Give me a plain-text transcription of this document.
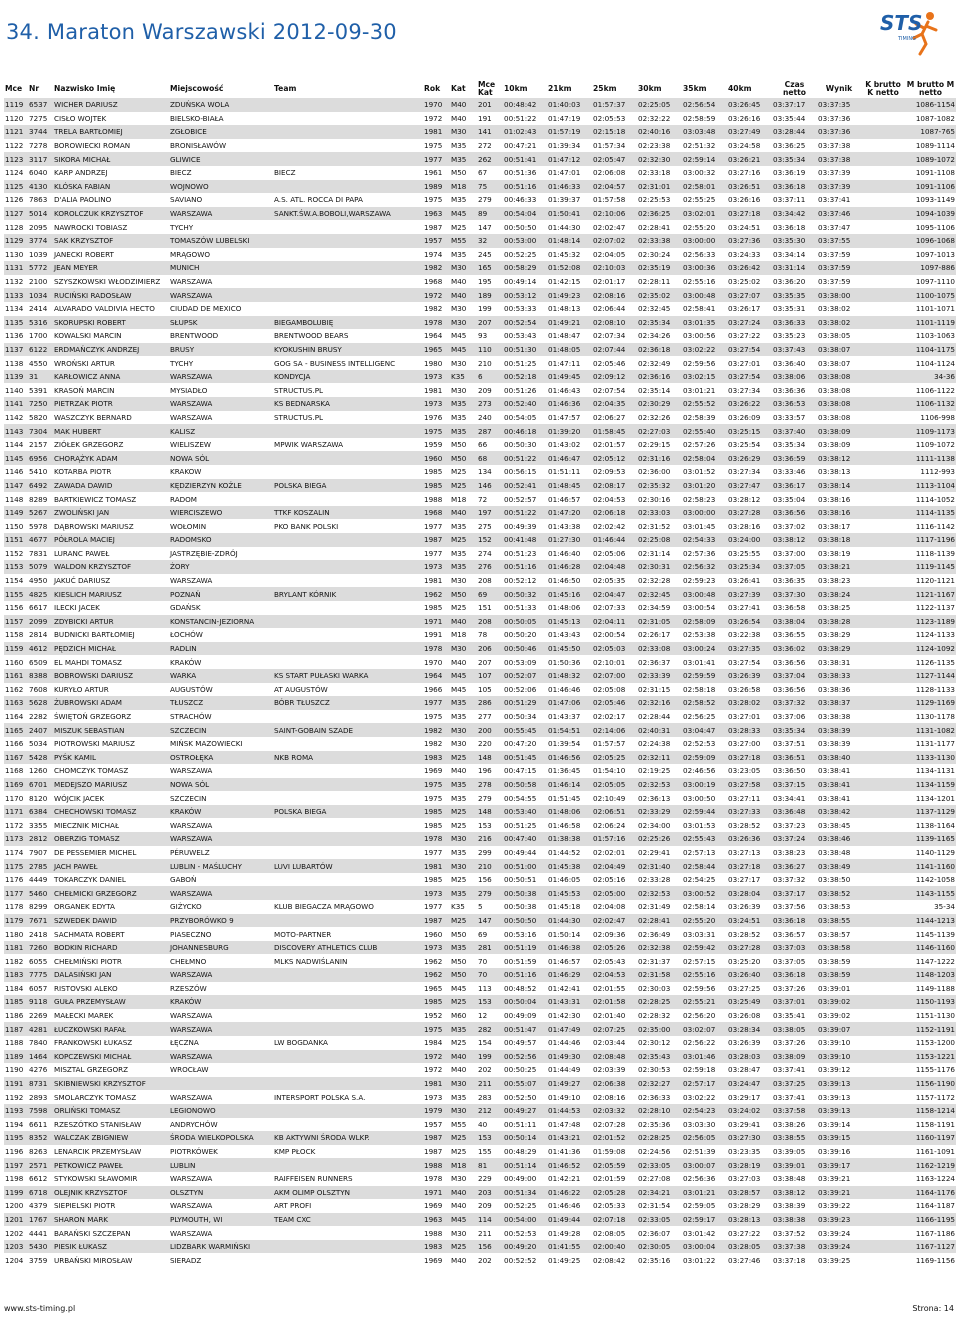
34. Maraton Warszawski 2012-09-30	STS
TIMING
Mce	Nr	Nazwisko Imię	Miejscowość	Team	Rok	Kat	Mce Kat	10km	21km	25km	30km	35km	40km	Czas netto	Wynik	K brutto K netto	M brutto M netto
1119	6537	WICHER DARIUSZ	ZDUŃSKA WOLA		1970	M40	201	00:48:42	01:40:03	01:57:37	02:25:05	02:56:54	03:26:45	03:37:17	03:37:35		1086-1154
1120	7275	CISŁO WOJTEK	BIELSKO-BIAŁA		1972	M40	191	00:51:22	01:47:19	02:05:53	02:32:22	02:58:59	03:26:16	03:35:44	03:37:36		1087-1082
1121	3744	TRELA BARTŁOMIEJ	ZGŁOBICE		1981	M30	141	01:02:43	01:57:19	02:15:18	02:40:16	03:03:48	03:27:49	03:28:44	03:37:36		1087-765
1122	7278	BOROWIECKI ROMAN	BRONISŁAWÓW		1975	M35	272	00:47:21	01:39:34	01:57:34	02:23:38	02:51:32	03:24:58	03:36:25	03:37:38		1089-1114
1123	3117	SIKORA MICHAŁ	GLIWICE		1977	M35	262	00:51:41	01:47:12	02:05:47	02:32:30	02:59:14	03:26:21	03:35:34	03:37:38		1089-1072
1124	6040	KARP ANDRZEJ	BIECZ	BIECZ	1961	M50	67	00:51:36	01:47:01	02:06:08	02:33:18	03:00:32	03:27:16	03:36:19	03:37:39		1091-1108
1125	4130	KLÓSKA FABIAN	WOJNOWO		1989	M18	75	00:51:16	01:46:33	02:04:57	02:31:01	02:58:01	03:26:51	03:36:18	03:37:39		1091-1106
1126	7863	D'ALIA PAOLINO	SAVIANO	A.S. ATL. ROCCA DI PAPA	1975	M35	279	00:46:33	01:39:37	01:57:58	02:25:53	02:55:25	03:26:16	03:37:11	03:37:41		1093-1149
1127	5014	KOROLCZUK KRZYSZTOF	WARSZAWA	SANKT.ŚW.A.BOBOLI,WARSZAWA	1963	M45	89	00:54:04	01:50:41	02:10:06	02:36:25	03:02:01	03:27:18	03:34:42	03:37:46		1094-1039
1128	2095	NAWROCKI TOBIASZ	TYCHY		1987	M25	147	00:50:50	01:44:30	02:02:47	02:28:41	02:55:20	03:24:51	03:36:18	03:37:47		1095-1106
1129	3774	SAK KRZYSZTOF	TOMASZÓW LUBELSKI		1957	M55	32	00:53:00	01:48:14	02:07:02	02:33:38	03:00:00	03:27:36	03:35:30	03:37:55		1096-1068
1130	1039	JANECKI ROBERT	MRĄGOWO		1974	M35	245	00:52:25	01:45:32	02:04:05	02:30:24	02:56:33	03:24:33	03:34:14	03:37:59		1097-1013
1131	5772	JEAN MEYER	MUNICH		1982	M30	165	00:58:29	01:52:08	02:10:03	02:35:19	03:00:36	03:26:42	03:31:14	03:37:59		1097-886
1132	2100	SZYSZKOWSKI WŁODZIMIERZ	WARSZAWA		1968	M40	195	00:49:14	01:42:15	02:01:17	02:28:11	02:55:16	03:25:02	03:36:20	03:37:59		1097-1110
1133	1034	RUCIŃSKI RADOSŁAW	WARSZAWA		1972	M40	189	00:53:12	01:49:23	02:08:16	02:35:02	03:00:48	03:27:07	03:35:35	03:38:00		1100-1075
1134	2414	ALVARADO VALDIVIA HECTO	CIUDAD DE MEXICO		1982	M30	199	00:53:33	01:48:13	02:06:44	02:32:45	02:58:41	03:26:17	03:35:31	03:38:02		1101-1071
1135	5316	SKORUPSKI ROBERT	SŁUPSK	BIEGAMBOLUBIĘ	1978	M30	207	00:52:54	01:49:21	02:08:10	02:35:34	03:01:35	03:27:24	03:36:33	03:38:02		1101-1119
1136	1700	KOWALSKI MARCIN	BRENTWOOD	BRENTWOOD BEARS	1964	M45	93	00:53:43	01:48:47	02:07:34	02:34:26	03:00:56	03:27:22	03:35:23	03:38:05		1103-1063
1137	6122	ERDMAŃCZYK ANDRZEJ	BRUSY	KYOKUSHIN BRUSY	1965	M45	110	00:51:30	01:48:05	02:07:44	02:36:18	03:02:22	03:27:54	03:37:43	03:38:07		1104-1175
1138	4550	WROŃSKI ARTUR	TYCHY	GOG SA - BUSINESS INTELLIGENC	1980	M30	210	00:51:25	01:47:11	02:05:46	02:32:49	02:59:56	03:27:01	03:36:40	03:38:07		1104-1124
1139	31	KARŁOWICZ ANNA	WARSZAWA	KONDYCJA	1973	K35	6	00:52:18	01:49:45	02:09:12	02:36:16	03:02:15	03:27:54	03:38:06	03:38:08		34-36
1140	5391	KRASOŃ MARCIN	MYSIADŁO	STRUCTUS.PL	1981	M30	209	00:51:26	01:46:43	02:07:54	02:35:14	03:01:21	03:27:34	03:36:36	03:38:08		1106-1122
1141	7250	PIETRZAK PIOTR	WARSZAWA	KS BEDNARSKA	1973	M35	273	00:52:40	01:46:36	02:04:35	02:30:29	02:55:52	03:26:22	03:36:53	03:38:08		1106-1132
1142	5820	WASZCZYK BERNARD	WARSZAWA	STRUCTUS.PL	1976	M35	240	00:54:05	01:47:57	02:06:27	02:32:26	02:58:39	03:26:09	03:33:57	03:38:08		1106-998
1143	7304	MAK HUBERT	KALISZ		1975	M35	287	00:46:18	01:39:20	01:58:45	02:27:03	02:55:40	03:25:15	03:37:40	03:38:09		1109-1173
1144	2157	ZIÓŁEK GRZEGORZ	WIELISZEW	MPWIK WARSZAWA	1959	M50	66	00:50:30	01:43:02	02:01:57	02:29:15	02:57:26	03:25:54	03:35:34	03:38:09		1109-1072
1145	6956	CHORĄŻYK ADAM	NOWA SÓL		1960	M50	68	00:51:22	01:46:47	02:05:12	02:31:16	02:58:04	03:26:29	03:36:59	03:38:12		1111-1138
1146	5410	KOTARBA PIOTR	KRAKOW		1985	M25	134	00:56:15	01:51:11	02:09:53	02:36:00	03:01:52	03:27:34	03:33:46	03:38:13		1112-993
1147	6492	ZAWADA DAWID	KĘDZIERZYN KOŹLE	POLSKA BIEGA	1985	M25	146	00:52:41	01:48:45	02:08:17	02:35:32	03:01:20	03:27:47	03:36:17	03:38:14		1113-1104
1148	8289	BARTKIEWICZ TOMASZ	RADOM		1988	M18	72	00:52:57	01:46:57	02:04:53	02:30:16	02:58:23	03:28:12	03:35:04	03:38:16		1114-1052
1149	5267	ZWOLIŃSKI JAN	WIERCISZEWO	TTKF KOSZALIN	1968	M40	197	00:51:22	01:47:20	02:06:18	02:33:03	03:00:00	03:27:28	03:36:56	03:38:16		1114-1135
1150	5978	DĄBROWSKI MARIUSZ	WOŁOMIN	PKO BANK POLSKI	1977	M35	275	00:49:39	01:43:38	02:02:42	02:31:52	03:01:45	03:28:16	03:37:02	03:38:17		1116-1142
1151	4677	PÓŁROLA MACIEJ	RADOMSKO		1987	M25	152	00:41:48	01:27:30	01:46:44	02:25:08	02:54:33	03:24:00	03:38:12	03:38:18		1117-1196
1152	7831	LURANC PAWEŁ	JASTRZĘBIE-ZDRÓJ		1977	M35	274	00:51:23	01:46:40	02:05:06	02:31:14	02:57:36	03:25:55	03:37:00	03:38:19		1118-1139
1153	5079	WALDON KRZYSZTOF	ŻORY		1973	M35	276	00:51:16	01:46:28	02:04:48	02:30:31	02:56:32	03:25:34	03:37:05	03:38:21		1119-1145
1154	4950	JAKUĆ DARIUSZ	WARSZAWA		1981	M30	208	00:52:12	01:46:50	02:05:35	02:32:28	02:59:23	03:26:41	03:36:35	03:38:23		1120-1121
1155	4825	KIESLICH MARIUSZ	POZNAŃ	BRYLANT KÓRNIK	1962	M50	69	00:50:32	01:45:16	02:04:47	02:32:45	03:00:48	03:27:39	03:37:30	03:38:24		1121-1167
1156	6617	ILECKI JACEK	GDAŃSK		1985	M25	151	00:51:33	01:48:06	02:07:33	02:34:59	03:00:54	03:27:41	03:36:58	03:38:25		1122-1137
1157	2099	ZDYBICKI ARTUR	KONSTANCIN-JEZIORNA		1971	M40	208	00:50:05	01:45:13	02:04:11	02:31:05	02:58:09	03:26:54	03:38:04	03:38:28		1123-1189
1158	2814	BUDNICKI BARTŁOMIEJ	ŁOCHÓW		1991	M18	78	00:50:20	01:43:43	02:00:54	02:26:17	02:53:38	03:22:38	03:36:55	03:38:29		1124-1133
1159	4612	PĘDZICH MICHAŁ	RADLIN		1978	M30	206	00:50:46	01:45:50	02:05:03	02:33:08	03:00:24	03:27:35	03:36:02	03:38:29		1124-1092
1160	6509	EL MAHDI TOMASZ	KRAKÓW		1970	M40	207	00:53:09	01:50:36	02:10:01	02:36:37	03:01:41	03:27:54	03:36:56	03:38:31		1126-1135
1161	8388	BOBROWSKI DARIUSZ	WARKA	KS START PUŁASKI WARKA	1964	M45	107	00:52:07	01:48:32	02:07:00	02:33:39	02:59:59	03:26:39	03:37:04	03:38:33		1127-1144
1162	7608	KURYŁO ARTUR	AUGUSTÓW	AT AUGUSTÓW	1966	M45	105	00:52:06	01:46:46	02:05:08	02:31:15	02:58:18	03:26:58	03:36:56	03:38:36		1128-1133
1163	5628	ŻUBROWSKI ADAM	TŁUSZCZ	BÓBR TŁUSZCZ	1977	M35	286	00:51:29	01:47:06	02:05:46	02:32:16	02:58:52	03:28:02	03:37:32	03:38:37		1129-1169
1164	2282	ŚWIĘTOŃ GRZEGORZ	STRACHÓW		1975	M35	277	00:50:34	01:43:37	02:02:17	02:28:44	02:56:25	03:27:01	03:37:06	03:38:38		1130-1178
1165	2407	MISZUK SEBASTIAN	SZCZECIN	SAINT-GOBAIN SZADE	1982	M30	200	00:55:45	01:54:51	02:14:06	02:40:31	03:04:47	03:28:33	03:35:34	03:38:39		1131-1082
1166	5034	PIOTROWSKI MARIUSZ	MIŃSK MAZOWIECKI		1982	M30	220	00:47:20	01:39:54	01:57:57	02:24:38	02:52:53	03:27:00	03:37:51	03:38:39		1131-1177
1167	5428	PYŚK KAMIL	OSTROŁĘKA	NKB ROMA	1983	M25	148	00:51:45	01:46:56	02:05:25	02:32:11	02:59:09	03:27:18	03:36:51	03:38:40		1133-1130
1168	1260	CHOMCZYK TOMASZ	WARSZAWA		1969	M40	196	00:47:15	01:36:45	01:54:10	02:19:25	02:46:56	03:23:05	03:36:50	03:38:41		1134-1131
1169	6701	MEDEJSZO MARIUSZ	NOWA SÓL		1975	M35	278	00:50:58	01:46:14	02:05:05	02:32:53	03:00:19	03:27:58	03:37:15	03:38:41		1134-1159
1170	8120	WÓJCIK JACEK	SZCZECIN		1975	M35	279	00:54:55	01:51:45	02:10:49	02:36:13	03:00:50	03:27:11	03:34:41	03:38:41		1134-1201
1171	6384	CHECHOWSKI TOMASZ	KRAKÓW	POLSKA BIEGA	1985	M25	148	00:53:40	01:48:06	02:06:51	02:33:29	02:59:44	03:27:33	03:36:48	03:38:42		1137-1129
1172	3355	MIECZNIK MICHAŁ	WARSZAWA		1985	M25	153	00:51:25	01:46:58	02:06:24	02:34:00	03:01:53	03:28:52	03:37:23	03:38:45		1138-1164
1173	2812	OBERZIG TOMASZ	WARSZAWA		1978	M30	216	00:47:40	01:38:38	01:57:16	02:25:26	02:55:43	03:26:36	03:37:24	03:38:46		1139-1165
1174	7907	DE PESSEMIER MICHEL	PÉRUWELZ		1977	M35	299	00:49:44	01:44:52	02:02:01	02:29:41	02:57:13	03:27:13	03:38:23	03:38:48		1140-1129
1175	2785	JACH PAWEŁ	LUBLIN - MAŚLUCHY	LUVI LUBARTÓW	1981	M30	210	00:51:00	01:45:38	02:04:49	02:31:40	02:58:44	03:27:18	03:36:27	03:38:49		1141-1160
1176	4449	TOKARCZYK DANIEL	GABOŃ		1985	M25	156	00:50:51	01:46:05	02:05:16	02:33:28	02:54:25	03:27:17	03:37:32	03:38:50		1142-1058
1177	5460	CHEŁMICKI GRZEGORZ	WARSZAWA		1973	M35	279	00:50:38	01:45:53	02:05:00	02:32:53	03:00:52	03:28:04	03:37:17	03:38:52		1143-1155
1178	8299	ORGANEK EDYTA	GIŻYCKO	KLUB BIEGACZA MRĄGOWO	1977	K35	5	00:50:38	01:45:18	02:04:08	02:31:49	02:58:14	03:26:39	03:37:56	03:38:53		35-34
1179	7671	SZWEDEK DAWID	PRZYBORÓWKO 9		1987	M25	147	00:50:50	01:44:30	02:02:47	02:28:41	02:55:20	03:24:51	03:36:18	03:38:55		1144-1213
1180	2418	SACHMATA ROBERT	PIASECZNO	MOTO-PARTNER	1960	M50	69	00:53:16	01:50:14	02:09:36	02:36:49	03:03:31	03:28:52	03:36:57	03:38:57		1145-1139
1181	7260	BODKIN RICHARD	JOHANNESBURG	DISCOVERY ATHLETICS CLUB	1973	M35	281	00:51:19	01:46:38	02:05:26	02:32:38	02:59:42	03:27:28	03:37:03	03:38:58		1146-1160
1182	6055	CHEŁMIŃSKI PIOTR	CHEŁMNO	MLKS NADWIŚLANIN	1962	M50	70	00:51:59	01:46:57	02:05:43	02:31:37	02:57:15	03:25:20	03:37:05	03:38:59		1147-1222
1183	7775	DALASIŃSKI JAN	WARSZAWA		1962	M50	70	00:51:16	01:46:29	02:04:53	02:31:58	02:55:16	03:26:40	03:36:18	03:38:59		1148-1203
1184	6057	RISTOVSKI ALEKO	RZESZÓW		1965	M45	113	00:48:52	01:42:41	02:01:55	02:30:03	02:59:56	03:27:25	03:37:26	03:39:01		1149-1188
1185	9118	GUŁA PRZEMYSŁAW	KRAKÓW		1985	M25	153	00:50:04	01:43:31	02:01:58	02:28:25	02:55:21	03:25:49	03:37:01	03:39:02		1150-1193
1186	2269	MAŁECKI MAREK	WARSZAWA		1952	M60	12	00:49:09	01:42:30	02:01:40	02:28:32	02:56:20	03:26:08	03:35:41	03:39:02		1151-1130
1187	4281	ŁUCZKOWSKI RAFAŁ	WARSZAWA		1975	M35	282	00:51:47	01:47:49	02:07:25	02:35:00	03:02:07	03:28:34	03:38:05	03:39:07		1152-1191
1188	7840	FRANKOWSKI ŁUKASZ	ŁĘCZNA	LW BOGDANKA	1984	M25	154	00:49:57	01:44:46	02:03:44	02:30:12	02:56:22	03:26:39	03:37:26	03:39:10		1153-1200
1189	1464	KOPCZEWSKI MICHAŁ	WARSZAWA		1972	M40	199	00:52:56	01:49:30	02:08:48	02:35:43	03:01:46	03:28:03	03:38:09	03:39:10		1153-1221
1190	4276	MISZTAL GRZEGORZ	WROCŁAW		1972	M40	202	00:50:25	01:44:49	02:03:39	02:30:53	02:59:18	03:28:47	03:37:41	03:39:12		1155-1176
1191	8731	SKIBNIEWSKI KRZYSZTOF			1981	M30	211	00:55:07	01:49:27	02:06:38	02:32:27	02:57:17	03:24:47	03:37:25	03:39:13		1156-1190
1192	2893	SMOLARCZYK TOMASZ	WARSZAWA	INTERSPORT POLSKA S.A.	1973	M35	283	00:52:50	01:49:10	02:08:16	02:36:33	03:02:22	03:29:17	03:37:41	03:39:13		1157-1172
1193	7598	ORLIŃSKI TOMASZ	LEGIONOWO		1979	M30	212	00:49:27	01:44:53	02:03:32	02:28:10	02:54:23	03:24:02	03:37:58	03:39:13		1158-1214
1194	6611	RZESZÓTKO STANISŁAW	ANDRYCHÓW		1957	M55	40	00:51:11	01:47:48	02:07:28	02:35:36	03:03:30	03:29:41	03:38:26	03:39:14		1158-1191
1195	8352	WALCZAK ZBIGNIEW	ŚRODA WIELKOPOLSKA	KB AKTYWNI ŚRODA WLKP.	1987	M25	153	00:50:14	01:43:21	02:01:52	02:28:25	02:56:05	03:27:30	03:38:55	03:39:15		1160-1197
1196	8263	LENARCIK PRZEMYSŁAW	PIOTRKÓWEK	KMP PŁOCK	1987	M25	155	00:48:29	01:41:36	01:59:08	02:24:56	02:51:39	03:23:35	03:39:05	03:39:16		1161-1091
1197	2571	PETKOWICZ PAWEŁ	LUBLIN		1988	M18	81	00:51:14	01:46:52	02:05:59	02:33:05	03:00:07	03:28:19	03:39:01	03:39:17		1162-1219
1198	6612	STYKOWSKI SŁAWOMIR	WARSZAWA	RAIFFEISEN RUNNERS	1978	M30	229	00:49:00	01:42:21	02:01:59	02:27:08	02:56:36	03:27:03	03:38:48	03:39:21		1163-1224
1199	6718	OLEJNIK KRZYSZTOF	OLSZTYN	AKM OLIMP OLSZTYN	1971	M40	203	00:51:34	01:46:22	02:05:28	02:34:21	03:01:21	03:28:57	03:38:12	03:39:21		1164-1176
1200	4379	SIEPIELSKI PIOTR	WARSZAWA	ART PROFI	1969	M40	209	00:52:25	01:46:46	02:05:33	02:31:54	02:59:05	03:28:29	03:38:39	03:39:22		1164-1187
1201	1767	SHARON MARK	PLYMOUTH, WI	TEAM CXC	1963	M45	114	00:54:00	01:49:44	02:07:18	02:33:05	02:59:17	03:28:13	03:38:38	03:39:23		1166-1195
1202	4441	BARAŃSKI SZCZEPAN	WARSZAWA		1988	M30	211	00:52:53	01:49:28	02:08:05	02:36:07	03:01:42	03:27:22	03:37:52	03:39:24		1167-1186
1203	5430	PIESIK ŁUKASZ	LIDZBARK WARMIŃSKI		1983	M25	156	00:49:20	01:41:55	02:00:40	02:30:05	03:00:04	03:28:05	03:37:38	03:39:24		1167-1127
1204	3759	URBAŃSKI MIROSŁAW	SIERADZ		1969	M40	202	00:52:52	01:49:25	02:08:42	02:35:16	03:01:22	03:27:46	03:37:18	03:39:25		1169-1156
www.sts-timing.pl	Strona: 14
